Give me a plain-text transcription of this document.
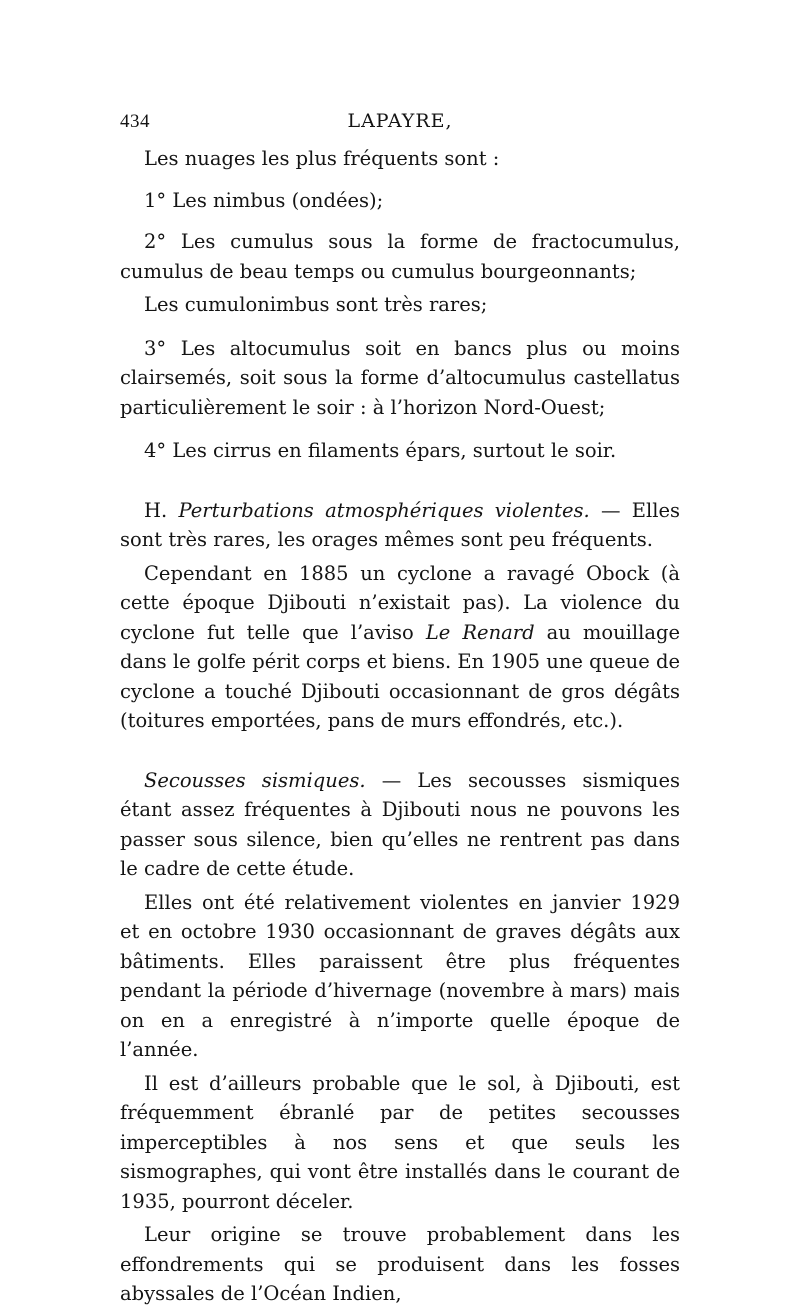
434	LAPAYRE,

Les nuages les plus fréquents sont :

1° Les nimbus (ondées);

2° Les cumulus sous la forme de fractocumulus, cumulus de beau temps ou cumulus bourgeonnants;

Les cumulonimbus sont très rares;

3° Les altocumulus soit en bancs plus ou moins clairsemés, soit sous la forme d’altocumulus castellatus particulièrement le soir : à l’horizon Nord-Ouest;

4° Les cirrus en filaments épars, surtout le soir.

H. Perturbations atmosphériques violentes. — Elles sont très rares, les orages mêmes sont peu fréquents.

Cependant en 1885 un cyclone a ravagé Obock (à cette époque Djibouti n’existait pas). La violence du cyclone fut telle que l’aviso Le Renard au mouillage dans le golfe périt corps et biens. En 1905 une queue de cyclone a touché Djibouti occasionnant de gros dégâts (toitures emportées, pans de murs effondrés, etc.).

Secousses sismiques. — Les secousses sismiques étant assez fréquentes à Djibouti nous ne pouvons les passer sous silence, bien qu’elles ne rentrent pas dans le cadre de cette étude.

Elles ont été relativement violentes en janvier 1929 et en octobre 1930 occasionnant de graves dégâts aux bâtiments. Elles paraissent être plus fréquentes pendant la période d’hivernage (novembre à mars) mais on en a enregistré à n’importe quelle époque de l’année.

Il est d’ailleurs probable que le sol, à Djibouti, est fréquemment ébranlé par de petites secousses imperceptibles à nos sens et que seuls les sismographes, qui vont être installés dans le courant de 1935, pourront déceler.

Leur origine se trouve probablement dans les effondrements qui se produisent dans les fosses abyssales de l’Océan Indien,
